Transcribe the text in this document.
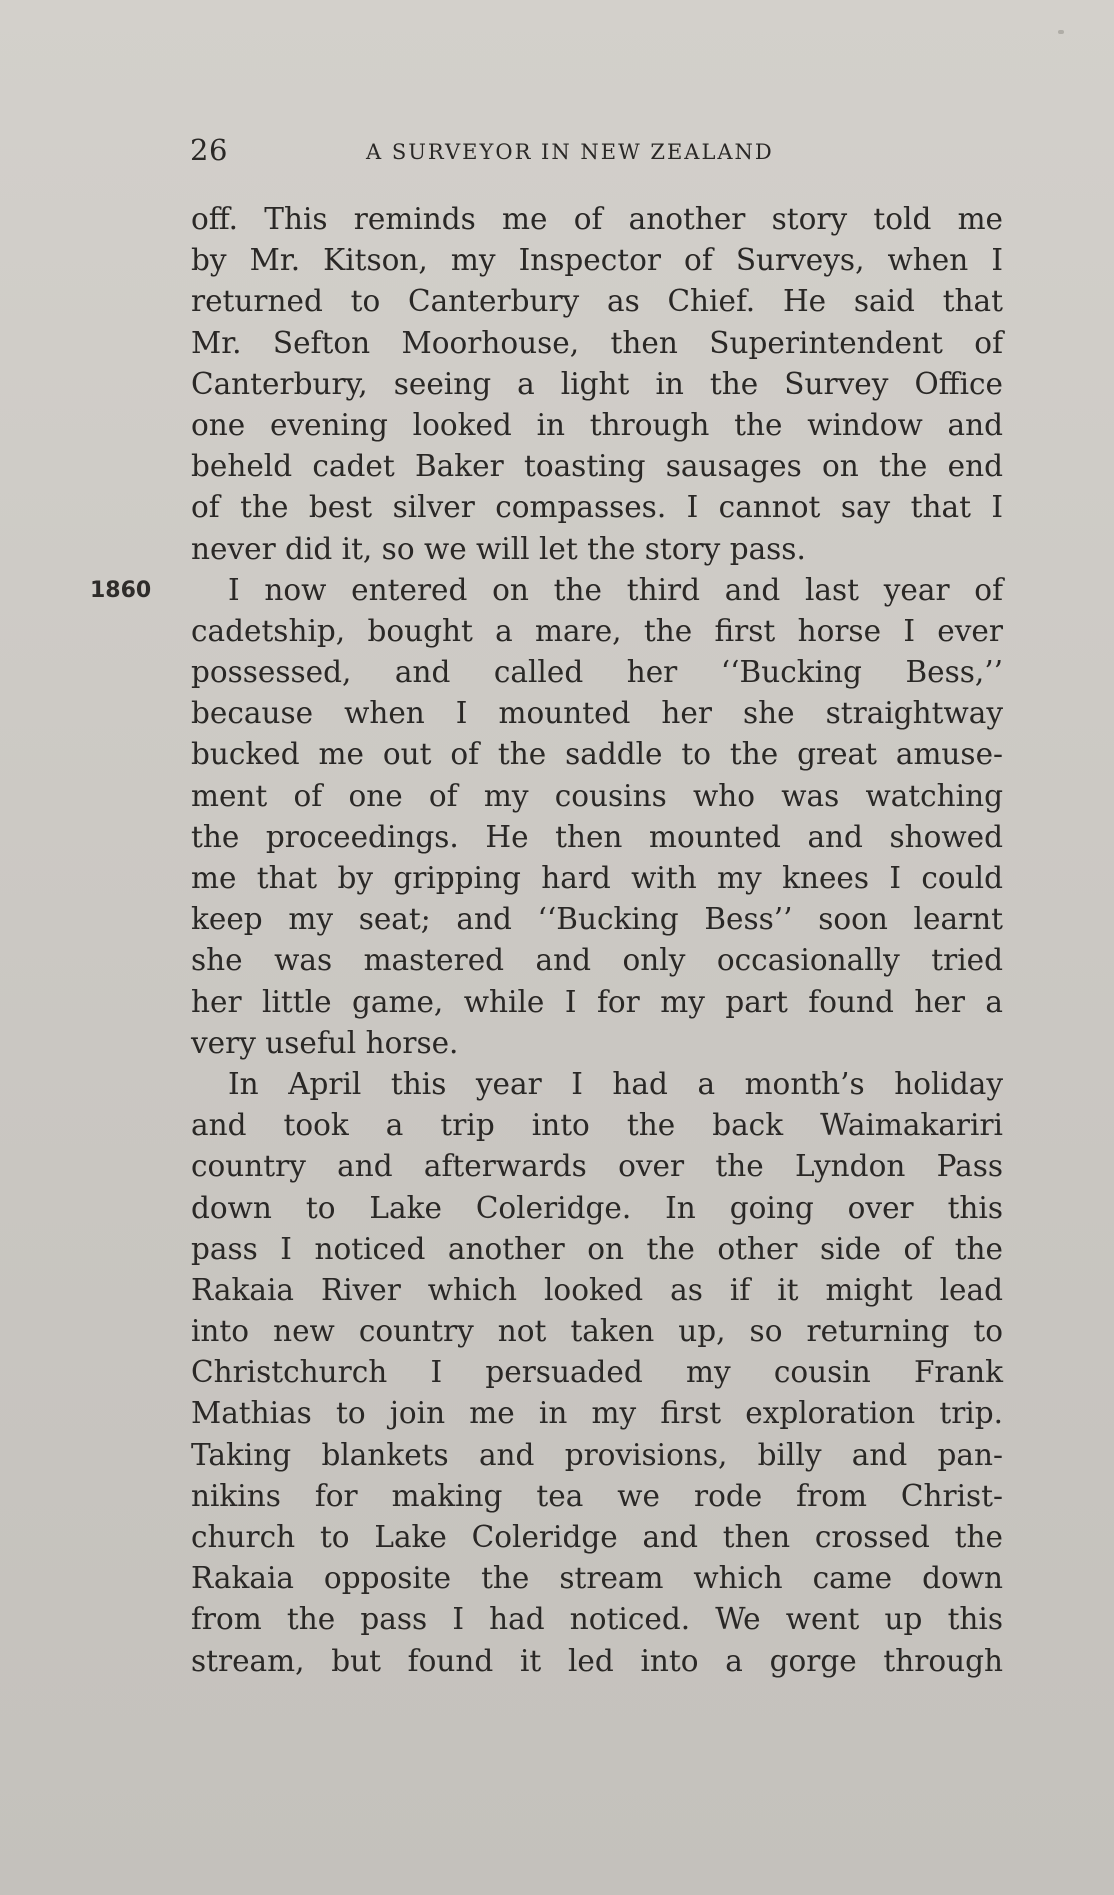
26	A SURVEYOR IN NEW ZEALAND
1860
off. This reminds me of another story told me
by Mr. Kitson, my Inspector of Surveys, when I
returned to Canterbury as Chief. He said that
Mr. Sefton Moorhouse, then Superintendent of
Canterbury, seeing a light in the Survey Office
one evening looked in through the window and
beheld cadet Baker toasting sausages on the end
of the best silver compasses. I cannot say that I
never did it, so we will let the story pass.
I now entered on the third and last year of
cadetship, bought a mare, the first horse I ever
possessed, and called her ‘‘Bucking Bess,’’
because when I mounted her she straightway
bucked me out of the saddle to the great amuse-
ment of one of my cousins who was watching
the proceedings. He then mounted and showed
me that by gripping hard with my knees I could
keep my seat; and ‘‘Bucking Bess’’ soon learnt
she was mastered and only occasionally tried
her little game, while I for my part found her a
very useful horse.
In April this year I had a month’s holiday
and took a trip into the back Waimakariri
country and afterwards over the Lyndon Pass
down to Lake Coleridge. In going over this
pass I noticed another on the other side of the
Rakaia River which looked as if it might lead
into new country not taken up, so returning to
Christchurch I persuaded my cousin Frank
Mathias to join me in my first exploration trip.
Taking blankets and provisions, billy and pan-
nikins for making tea we rode from Christ-
church to Lake Coleridge and then crossed the
Rakaia opposite the stream which came down
from the pass I had noticed. We went up this
stream, but found it led into a gorge through
